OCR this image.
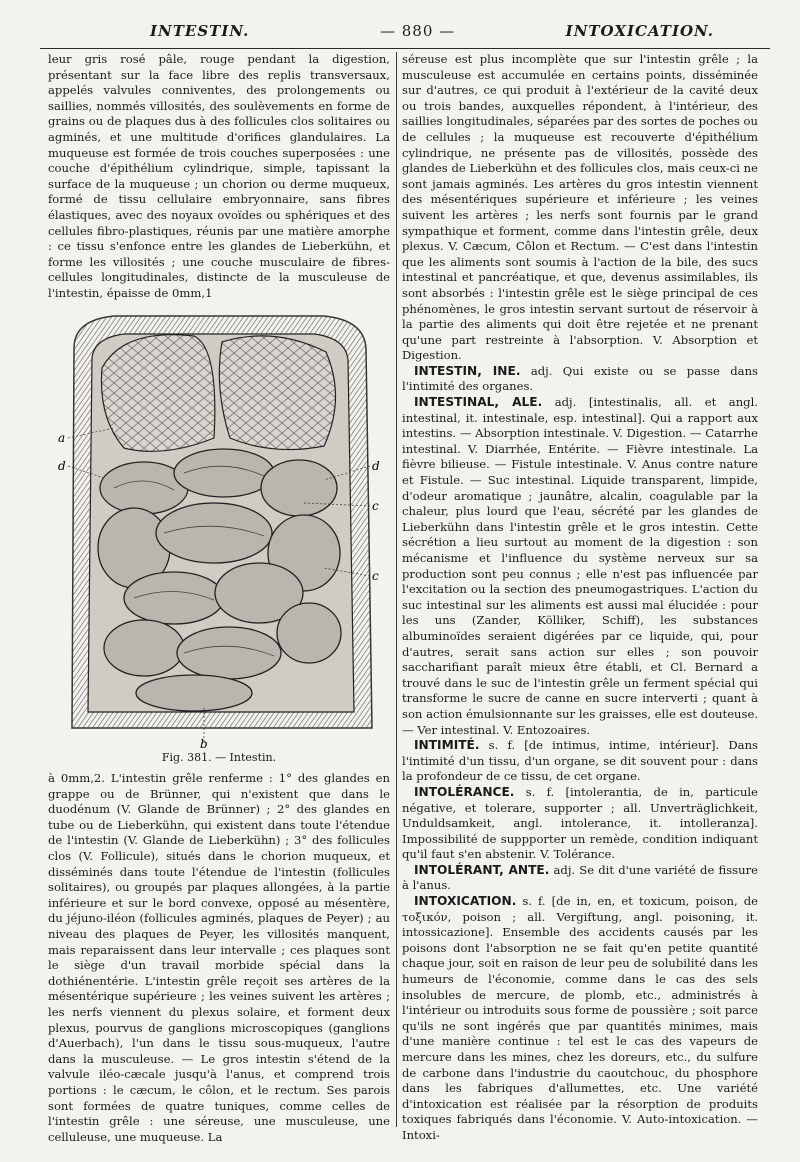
INTESTIN.	— 880 —	INTOXICATION.

leur gris rosé pâle, rouge pendant la digestion, présentant sur la face libre des replis transversaux, appelés valvules conniventes, des prolongements ou saillies, nommés villosités, des soulèvements en forme de grains ou de plaques dus à des follicules clos solitaires ou agminés, et une multitude d'orifices glandulaires. La muqueuse est formée de trois couches superposées : une couche d'épithélium cylindrique, simple, tapissant la surface de la muqueuse ; un chorion ou derme muqueux, formé de tissu cellulaire embryonnaire, sans fibres élastiques, avec des noyaux ovoïdes ou sphériques et des cellules fibro-plastiques, réunis par une matière amorphe : ce tissu s'enfonce entre les glandes de Lieberkühn, et forme les villosités ; une couche musculaire de fibres-cellules longitudinales, distincte de la musculeuse de l'intestin, épaisse de 0mm,1

a
d	d
c
c
b
Fig. 381. — Intestin.

à 0mm,2. L'intestin grêle renferme : 1° des glandes en grappe ou de Brünner, qui n'existent que dans le duodénum (V. Glande de Brünner) ; 2° des glandes en tube ou de Lieberkühn, qui existent dans toute l'étendue de l'intestin (V. Glande de Lieberkühn) ; 3° des follicules clos (V. Follicule), situés dans le chorion muqueux, et disséminés dans toute l'étendue de l'intestin (follicules solitaires), ou groupés par plaques allongées, à la partie inférieure et sur le bord convexe, opposé au mésentère, du jéjuno-iléon (follicules agminés, plaques de Peyer) ; au niveau des plaques de Peyer, les villosités manquent, mais reparaissent dans leur intervalle ; ces plaques sont le siège d'un travail morbide spécial dans la dothiénentérie. L'intestin grêle reçoit ses artères de la mésentérique supérieure ; les veines suivent les artères ; les nerfs viennent du plexus solaire, et forment deux plexus, pourvus de ganglions microscopiques (ganglions d'Auerbach), l'un dans le tissu sous-muqueux, l'autre dans la musculeuse. — Le gros intestin s'étend de la valvule iléo-cæcale jusqu'à l'anus, et comprend trois portions : le cæcum, le côlon, et le rectum. Ses parois sont formées de quatre tuniques, comme celles de l'intestin grêle : une séreuse, une musculeuse, une celluleuse, une muqueuse. La

séreuse est plus incomplète que sur l'intestin grêle ; la musculeuse est accumulée en certains points, disséminée sur d'autres, ce qui produit à l'extérieur de la cavité deux ou trois bandes, auxquelles répondent, à l'intérieur, des saillies longitudinales, séparées par des sortes de poches ou de cellules ; la muqueuse est recouverte d'épithélium cylindrique, ne présente pas de villosités, possède des glandes de Lieberkühn et des follicules clos, mais ceux-ci ne sont jamais agminés. Les artères du gros intestin viennent des mésentériques supérieure et inférieure ; les veines suivent les artères ; les nerfs sont fournis par le grand sympathique et forment, comme dans l'intestin grêle, deux plexus. V. Cæcum, Côlon et Rectum. — C'est dans l'intestin que les aliments sont soumis à l'action de la bile, des sucs intestinal et pancréatique, et que, devenus assimilables, ils sont absorbés : l'intestin grêle est le siège principal de ces phénomènes, le gros intestin servant surtout de réservoir à la partie des aliments qui doit être rejetée et ne prenant qu'une part restreinte à l'absorption. V. Absorption et Digestion.

INTESTIN, INE. adj. Qui existe ou se passe dans l'intimité des organes.

INTESTINAL, ALE. adj. [intestinalis, all. et angl. intestinal, it. intestinale, esp. intestinal]. Qui a rapport aux intestins. — Absorption intestinale. V. Digestion. — Catarrhe intestinal. V. Diarrhée, Entérite. — Fièvre intestinale. La fièvre bilieuse. — Fistule intestinale. V. Anus contre nature et Fistule. — Suc intestinal. Liquide transparent, limpide, d'odeur aromatique ; jaunâtre, alcalin, coagulable par la chaleur, plus lourd que l'eau, sécrété par les glandes de Lieberkühn dans l'intestin grêle et le gros intestin. Cette sécrétion a lieu surtout au moment de la digestion : son mécanisme et l'influence du système nerveux sur sa production sont peu connus ; elle n'est pas influencée par l'excitation ou la section des pneumogastriques. L'action du suc intestinal sur les aliments est aussi mal élucidée : pour les uns (Zander, Kölliker, Schiff), les substances albuminoïdes seraient digérées par ce liquide, qui, pour d'autres, serait sans action sur elles ; son pouvoir saccharifiant paraît mieux être établi, et Cl. Bernard a trouvé dans le suc de l'intestin grêle un ferment spécial qui transforme le sucre de canne en sucre interverti ; quant à son action émulsionnante sur les graisses, elle est douteuse. — Ver intestinal. V. Entozoaires.

INTIMITÉ. s. f. [de intimus, intime, intérieur]. Dans l'intimité d'un tissu, d'un organe, se dit souvent pour : dans la profondeur de ce tissu, de cet organe.

INTOLÉRANCE. s. f. [intolerantia, de in, particule négative, et tolerare, supporter ; all. Unverträglichkeit, Unduldsamkeit, angl. intolerance, it. intolleranza]. Impossibilité de suppporter un remède, condition indiquant qu'il faut s'en abstenir. V. Tolérance.

INTOLÉRANT, ANTE. adj. Se dit d'une variété de fissure à l'anus.

INTOXICATION. s. f. [de in, en, et toxicum, poison, de τοξικόν, poison ; all. Vergiftung, angl. poisoning, it. intossicazione]. Ensemble des accidents causés par les poisons dont l'absorption ne se fait qu'en petite quantité chaque jour, soit en raison de leur peu de solubilité dans les humeurs de l'économie, comme dans le cas des sels insolubles de mercure, de plomb, etc., administrés à l'intérieur ou introduits sous forme de poussière ; soit parce qu'ils ne sont ingérés que par quantités minimes, mais d'une manière continue : tel est le cas des vapeurs de mercure dans les mines, chez les doreurs, etc., du sulfure de carbone dans l'industrie du caoutchouc, du phosphore dans les fabriques d'allumettes, etc. Une variété d'intoxication est réalisée par la résorption de produits toxiques fabriqués dans l'économie. V. Auto-intoxication. — Intoxi-
